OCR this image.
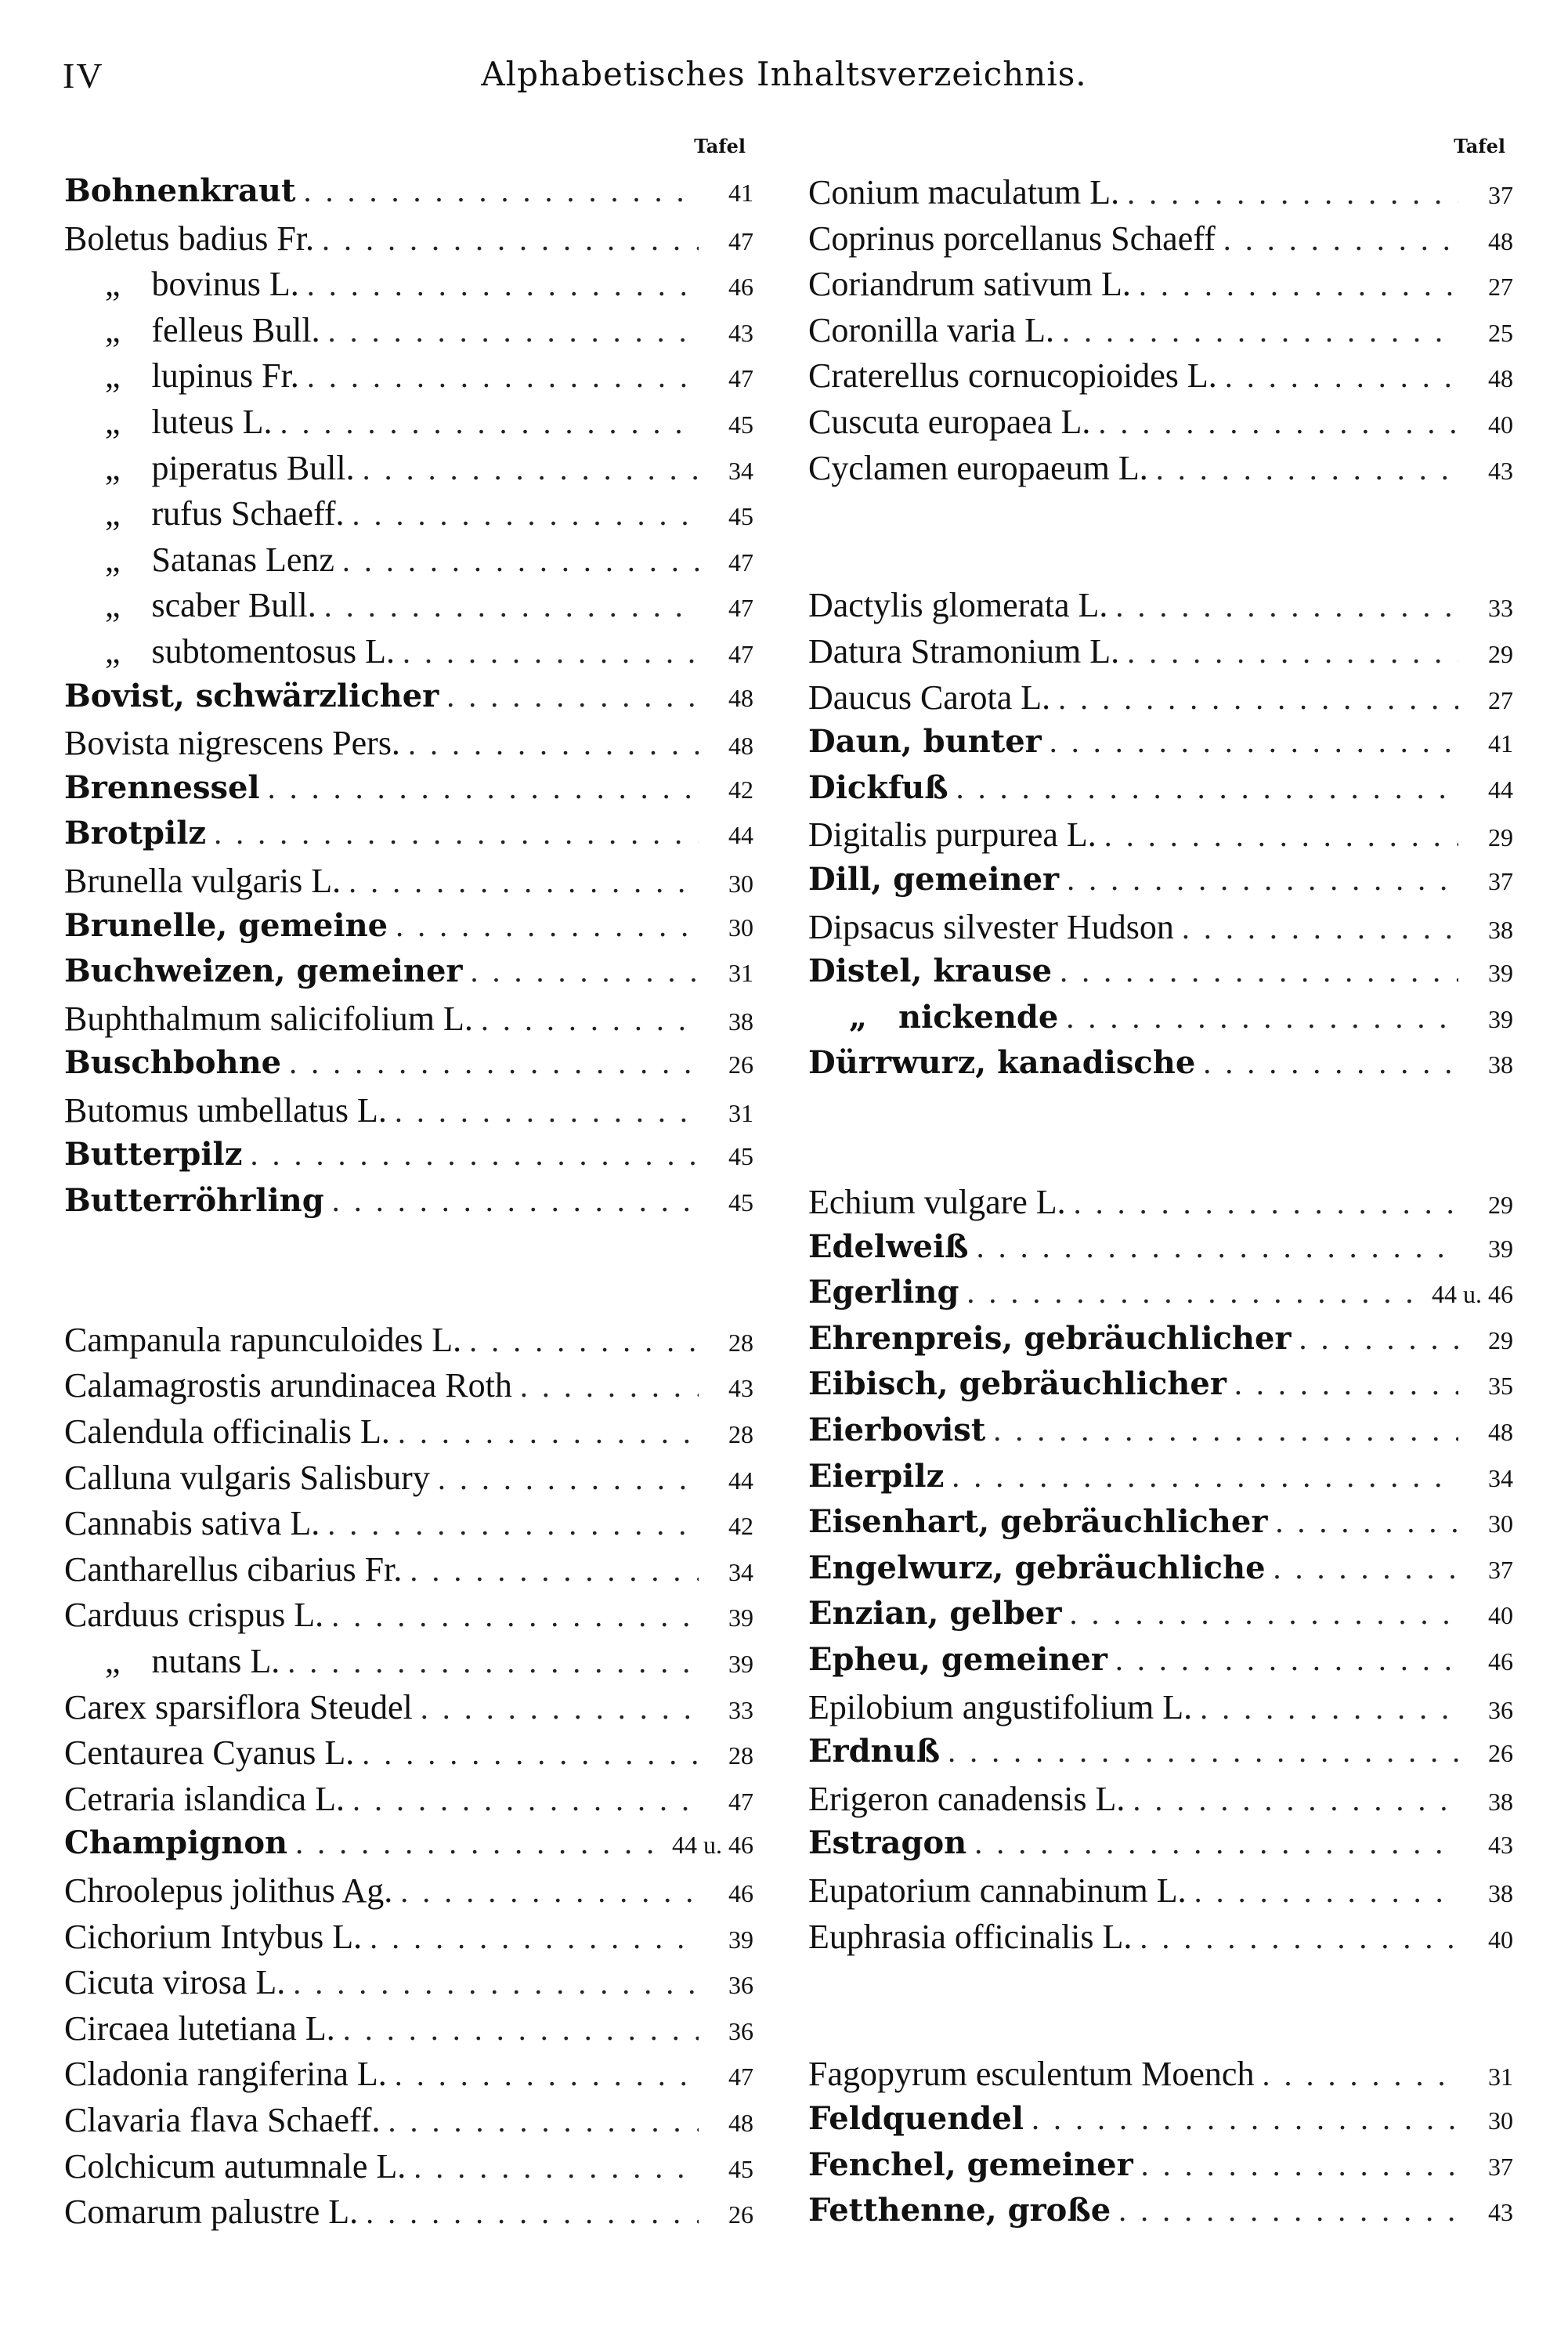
IV	Alphabetisches Inhaltsverzeichnis.
Tafel
Bohnenkraut . . .	41
Boletus badius Fr. . . .	47
„ bovinus L. . . .	46
„ felleus Bull. . . .	43
„ lupinus Fr. . . .	47
„ luteus L. . . .	45
„ piperatus Bull. . . .	34
„ rufus Schaeff. . . .	45
„ Satanas Lenz . . .	47
„ scaber Bull. . . .	47
„ subtomentosus L. . . .	47
Bovist, schwärzlicher . . .	48
Bovista nigrescens Pers. . . .	48
Brennessel . . .	42
Brotpilz . . .	44
Brunella vulgaris L. . . .	30
Brunelle, gemeine . . .	30
Buchweizen, gemeiner . . .	31
Buphthalmum salicifolium L. . . .	38
Buschbohne . . .	26
Butomus umbellatus L. . . .	31
Butterpilz . . .	45
Butterröhrling . . .	45
Campanula rapunculoides L. . . .	28
Calamagrostis arundinacea Roth . . .	43
Calendula officinalis L. . . .	28
Calluna vulgaris Salisbury . . .	44
Cannabis sativa L. . . .	42
Cantharellus cibarius Fr. . . .	34
Carduus crispus L. . . .	39
„ nutans L. . . .	39
Carex sparsiflora Steudel . . .	33
Centaurea Cyanus L. . . .	28
Cetraria islandica L. . . .	47
Champignon . . .	44 u. 46
Chroolepus jolithus Ag. . . .	46
Cichorium Intybus L. . . .	39
Cicuta virosa L. . . .	36
Circaea lutetiana L. . . .	36
Cladonia rangiferina L. . . .	47
Clavaria flava Schaeff. . . .	48
Colchicum autumnale L. . . .	45
Comarum palustre L. . . .	26
Tafel
Conium maculatum L. . . .	37
Coprinus porcellanus Schaeff . . .	48
Coriandrum sativum L. . . .	27
Coronilla varia L. . . .	25
Craterellus cornucopioides L. . . .	48
Cuscuta europaea L. . . .	40
Cyclamen europaeum L. . . .	43
Dactylis glomerata L. . . .	33
Datura Stramonium L. . . .	29
Daucus Carota L. . . .	27
Daun, bunter . . .	41
Dickfuß . . .	44
Digitalis purpurea L. . . .	29
Dill, gemeiner . . .	37
Dipsacus silvester Hudson . . .	38
Distel, krause . . .	39
„ nickende . . .	39
Dürrwurz, kanadische . . .	38
Echium vulgare L. . . .	29
Edelweiß . . .	39
Egerling . . .	44 u. 46
Ehrenpreis, gebräuchlicher . . .	29
Eibisch, gebräuchlicher . . .	35
Eierbovist . . .	48
Eierpilz . . .	34
Eisenhart, gebräuchlicher . . .	30
Engelwurz, gebräuchliche . . .	37
Enzian, gelber . . .	40
Epheu, gemeiner . . .	46
Epilobium angustifolium L. . . .	36
Erdnuß . . .	26
Erigeron canadensis L. . . .	38
Estragon . . .	43
Eupatorium cannabinum L. . . .	38
Euphrasia officinalis L. . . .	40
Fagopyrum esculentum Moench . . .	31
Feldquendel . . .	30
Fenchel, gemeiner . . .	37
Fetthenne, große . . .	43
